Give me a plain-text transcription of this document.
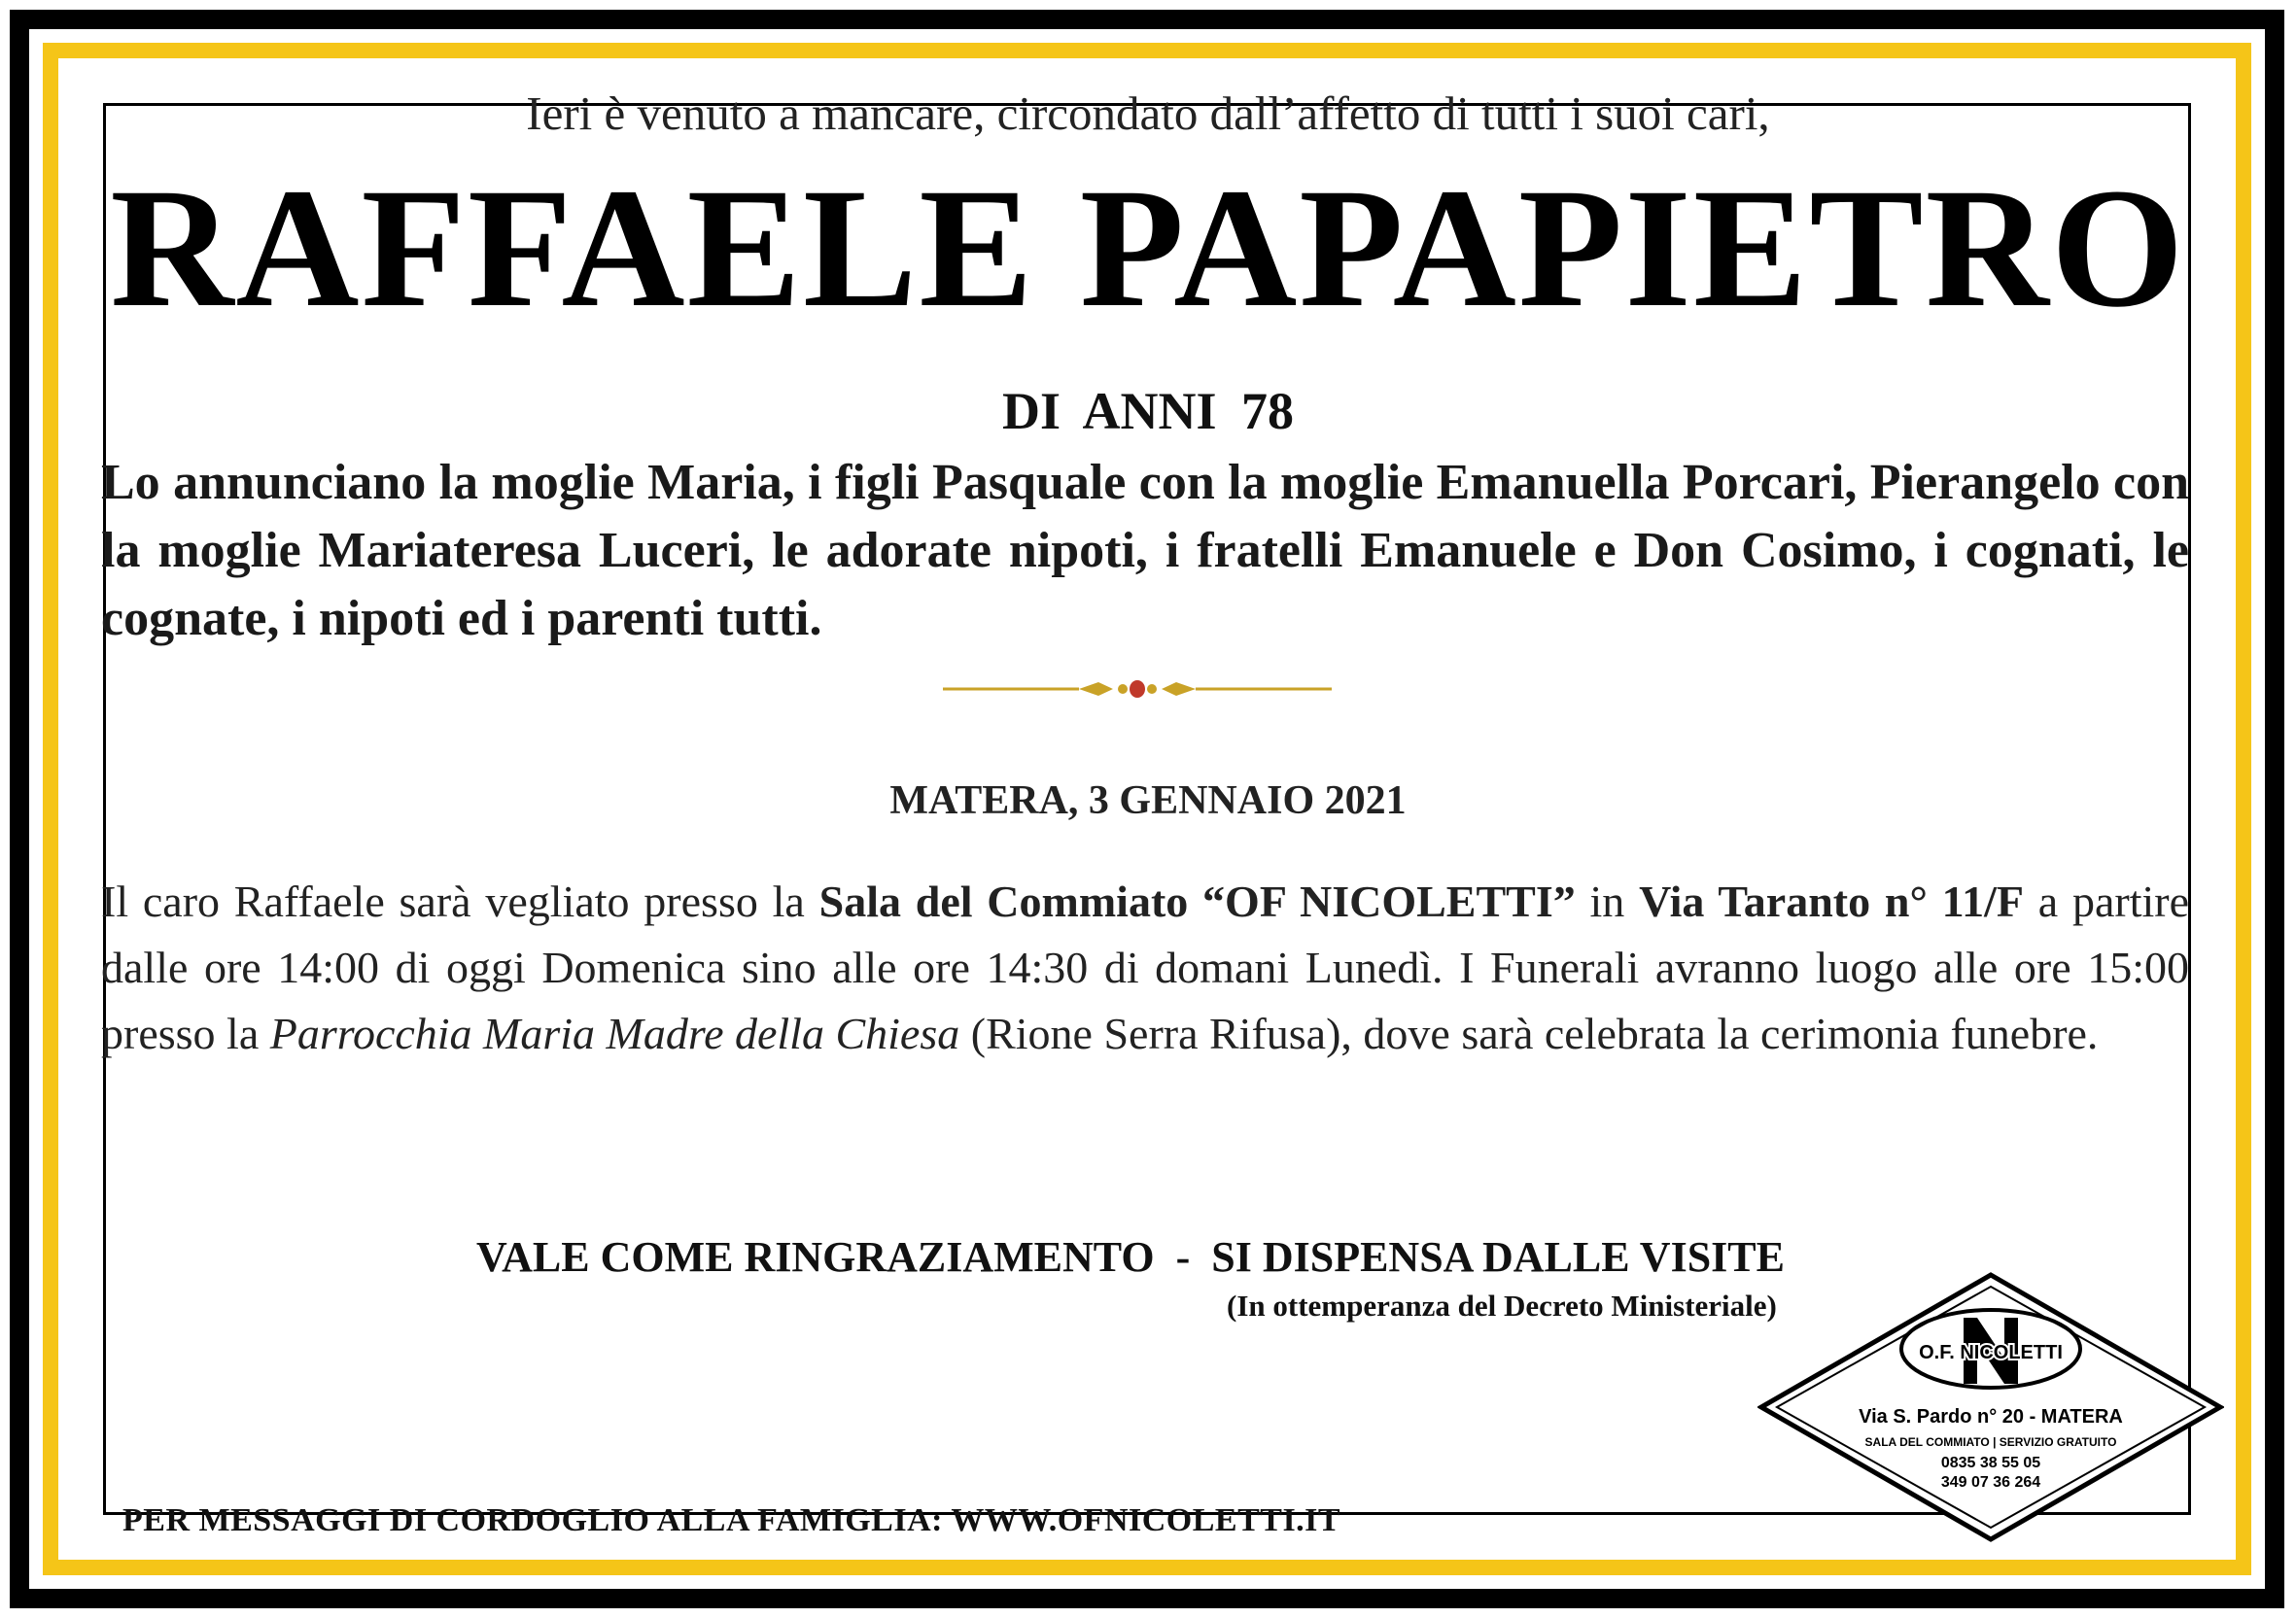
Ieri è venuto a mancare, circondato dall’affetto di tutti i suoi cari,
RAFFAELE PAPAPIETRO
DI ANNI 78
Lo annunciano la moglie Maria, i figli Pasquale con la moglie Emanuella Porcari, Pierangelo con la moglie Mariateresa Luceri, le adorate nipoti, i fratelli Emanuele e Don Cosimo, i cognati, le cognate, i nipoti ed i parenti tutti.
MATERA, 3 GENNAIO 2021
Il caro Raffaele sarà vegliato presso la Sala del Commiato “OF NICOLETTI” in Via Taranto n° 11/F a partire dalle ore 14:00 di oggi Domenica sino alle ore 14:30 di domani Lunedì. I Funerali avranno luogo alle ore 15:00 presso la Parrocchia Maria Madre della Chiesa (Rione Serra Rifusa), dove sarà celebrata la cerimonia funebre.
VALE COME RINGRAZIAMENTO  -  SI DISPENSA DALLE VISITE
(In ottemperanza del Decreto Ministeriale)
PER MESSAGGI DI CORDOGLIO ALLA FAMIGLIA: WWW.OFNICOLETTI.IT
O.F. NICOLETTI
Via S. Pardo n° 20 - MATERA
SALA DEL COMMIATO | SERVIZIO GRATUITO
0835 38 55 05
349 07 36 264
